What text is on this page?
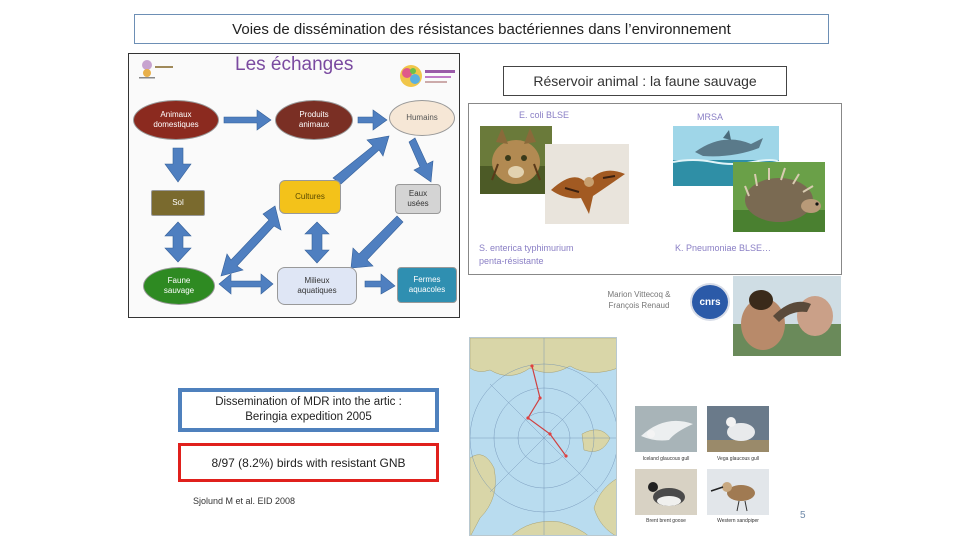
Voies de dissémination des résistances bactériennes dans l’environnement
Les échanges
Animaux
domestiques
Produits
animaux
Humains
Sol
Cultures	Eaux
usées
Faune
sauvage
Milieux
aquatiques
Fermes
aquacoles
Réservoir animal : la faune sauvage
E. coli BLSE	MRSA
S. enterica typhimurium
penta-résistante
K. Pneumoniae BLSE…
Marion Vittecoq &
François Renaud	cnrs
Iceland glaucous gull	Vega glaucous gull
Brent brent goose	Western sandpiper
Dissemination of MDR into the artic :
Beringia expedition 2005
8/97 (8.2%) birds with resistant GNB
Sjolund M et al. EID 2008
5
